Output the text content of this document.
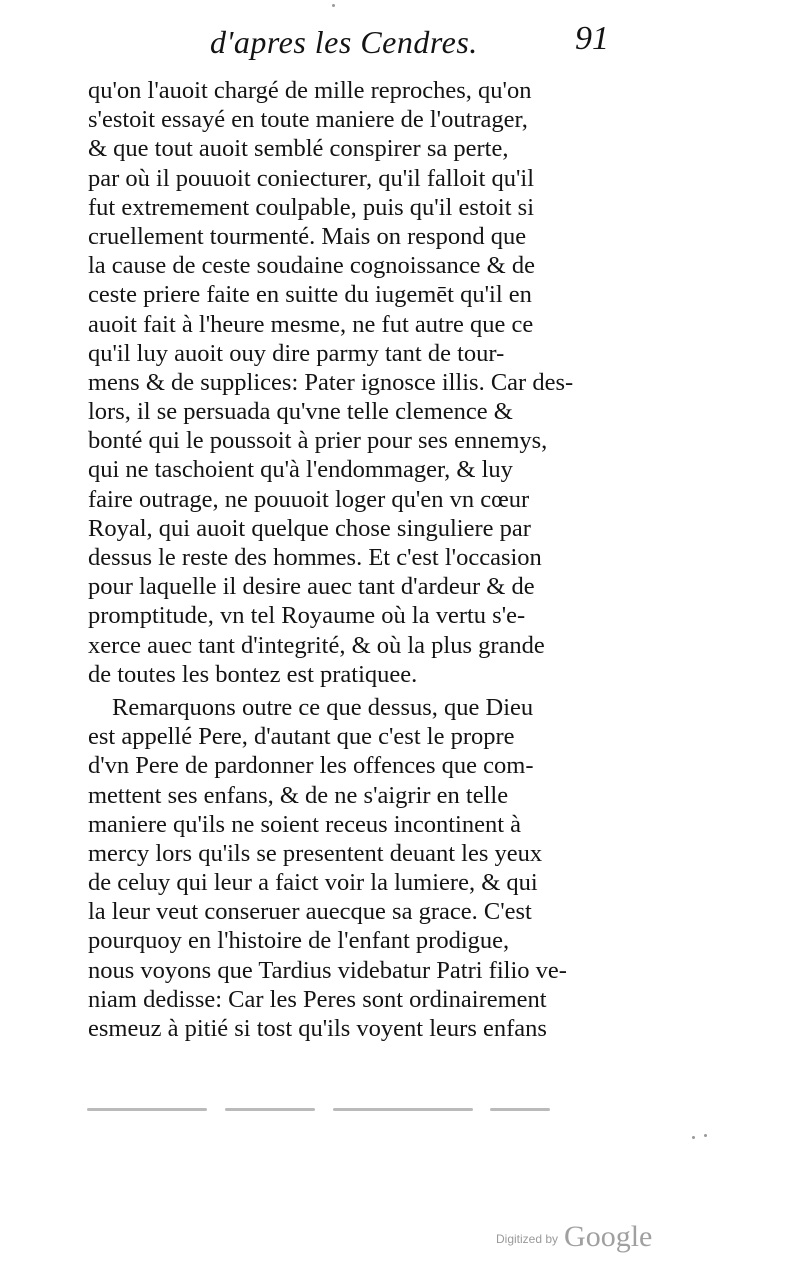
d'apres les Cendres.	91
qu'on l'auoit chargé de mille reproches, qu'on
s'estoit essayé en toute maniere de l'outrager,
& que tout auoit semblé conspirer sa perte,
par où il pouuoit coniecturer, qu'il falloit qu'il
fut extremement coulpable, puis qu'il estoit si
cruellement tourmenté. Mais on respond que
la cause de ceste soudaine cognoissance & de
ceste priere faite en suitte du iugemēt qu'il en
auoit fait à l'heure mesme, ne fut autre que ce
qu'il luy auoit ouy dire parmy tant de tour-
mens & de supplices: Pater ignosce illis. Car des-
lors, il se persuada qu'vne telle clemence &
bonté qui le poussoit à prier pour ses ennemys,
qui ne taschoient qu'à l'endommager, & luy
faire outrage, ne pouuoit loger qu'en vn cœur
Royal, qui auoit quelque chose singuliere par
dessus le reste des hommes. Et c'est l'occasion
pour laquelle il desire auec tant d'ardeur & de
promptitude, vn tel Royaume où la vertu s'e-
xerce auec tant d'integrité, & où la plus grande
de toutes les bontez est pratiquee.
Remarquons outre ce que dessus, que Dieu
est appellé Pere, d'autant que c'est le propre
d'vn Pere de pardonner les offences que com-
mettent ses enfans, & de ne s'aigrir en telle
maniere qu'ils ne soient receus incontinent à
mercy lors qu'ils se presentent deuant les yeux
de celuy qui leur a faict voir la lumiere, & qui
la leur veut conseruer auecque sa grace. C'est
pourquoy en l'histoire de l'enfant prodigue,
nous voyons que Tardius videbatur Patri filio ve-
niam dedisse: Car les Peres sont ordinairement
esmeuz à pitié si tost qu'ils voyent leurs enfans
Digitized by Google
